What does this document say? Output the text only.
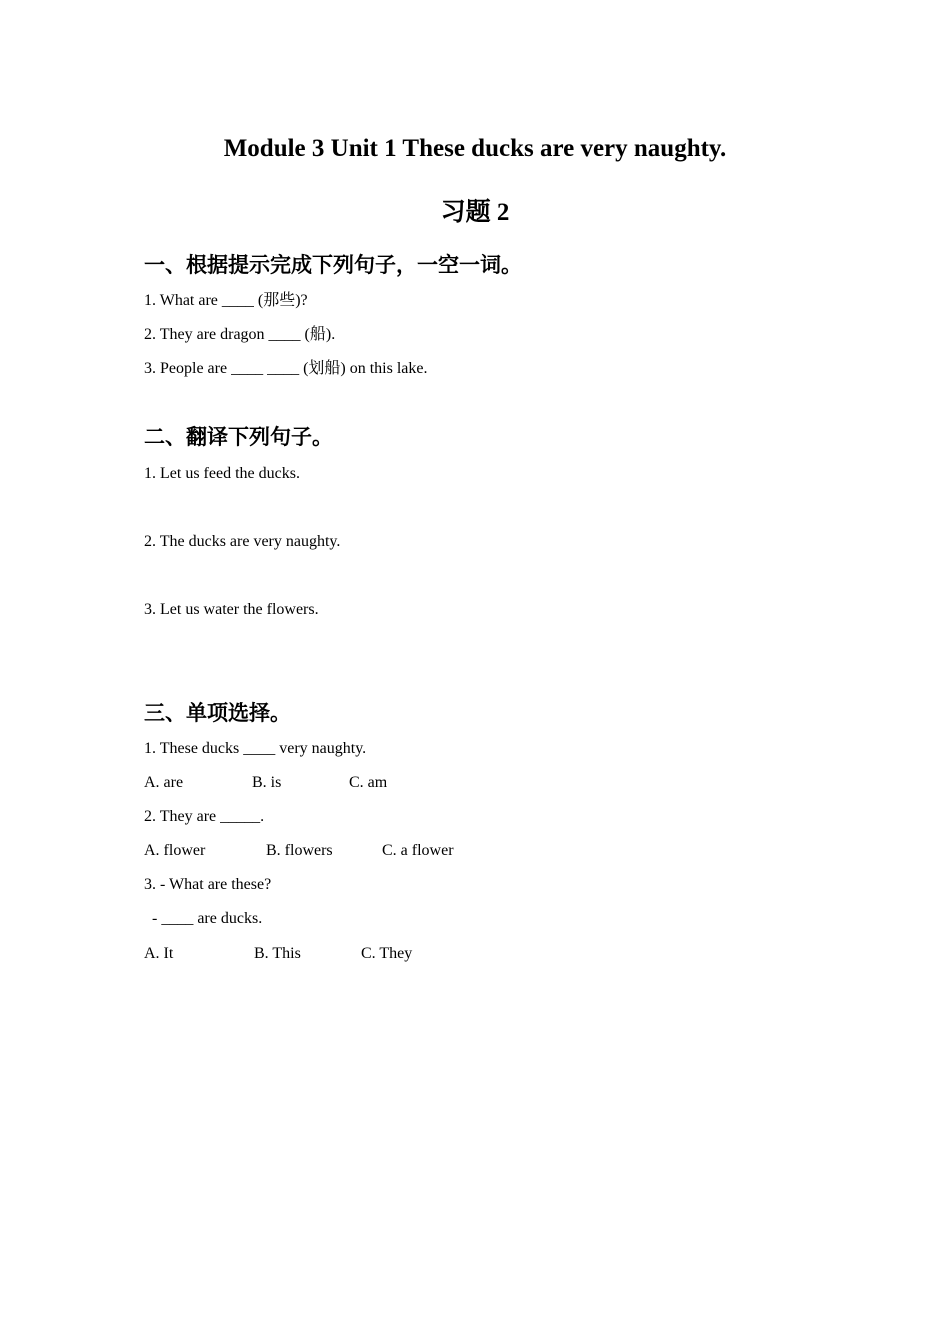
Module 3 Unit 1 These ducks are very naughty.
习题 2
一、根据提示完成下列句子，一空一词。
1. What are ____ (那些)?
2. They are dragon ____ (船).
3. People are ____ ____ (划船) on this lake.
二、翻译下列句子。
1. Let us feed the ducks.
2. The ducks are very naughty.
3. Let us water the flowers.
三、单项选择。
1. These ducks ____ very naughty.
A. are	B. is	C. am
2. They are _____.
A. flower	B. flowers	C. a flower
3. - What are these?
- ____ are ducks.
A. It	B. This	C. They
